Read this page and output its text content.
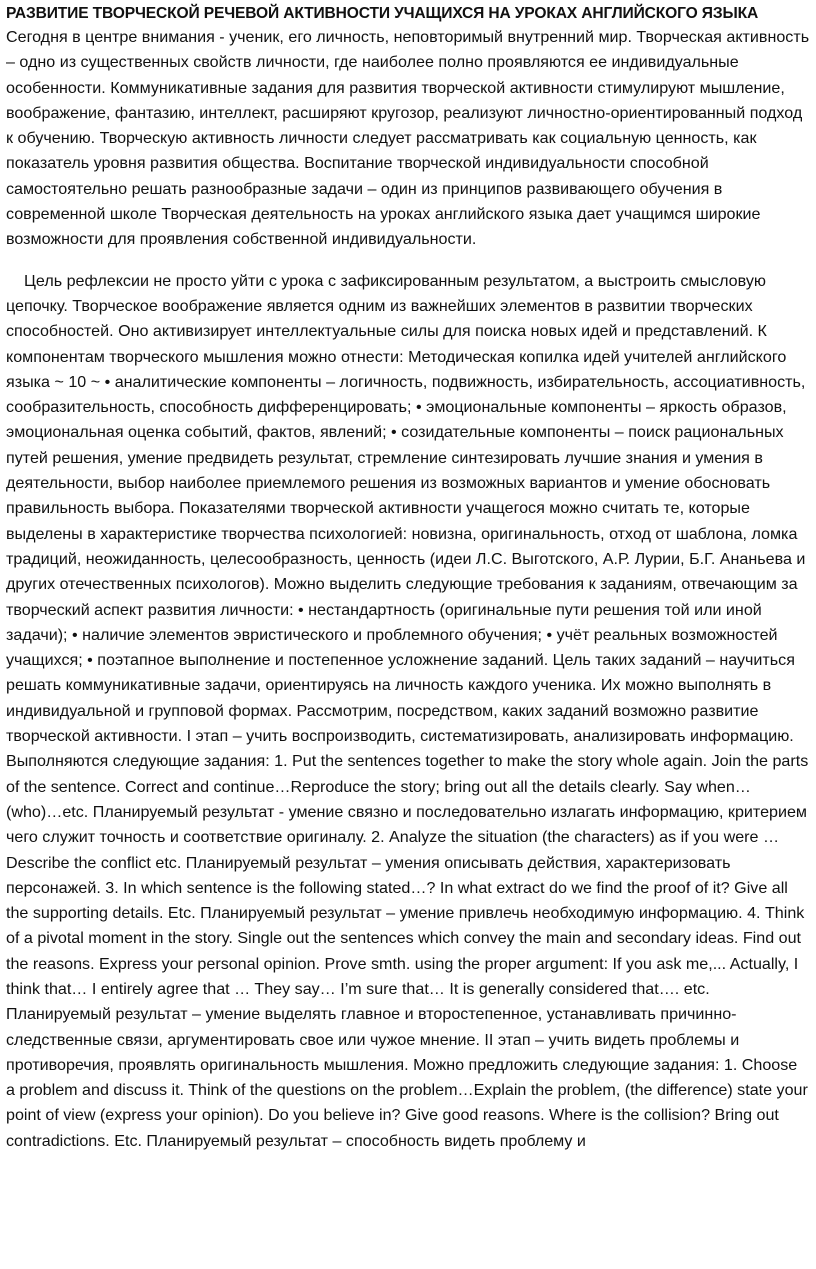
РАЗВИТИЕ ТВОРЧЕСКОЙ РЕЧЕВОЙ АКТИВНОСТИ УЧАЩИХСЯ НА УРОКАХ АНГЛИЙСКОГО ЯЗЫКА

Сегодня в центре внимания - ученик, его личность, неповторимый внутренний мир. Творческая активность – одно из существенных свойств личности, где наиболее полно проявляются ее индивидуальные особенности. Коммуникативные задания для развития творческой активности стимулируют мышление, воображение, фантазию, интеллект, расширяют кругозор, реализуют личностно-ориентированный подход к обучению. Творческую активность личности следует рассматривать как социальную ценность, как показатель уровня развития общества. Воспитание творческой индивидуальности способной самостоятельно решать разнообразные задачи – один из принципов развивающего обучения в современной школе Творческая деятельность на уроках английского языка дает учащимся широкие возможности для проявления собственной индивидуальности.

Цель рефлексии не просто уйти с урока с зафиксированным результатом, а выстроить смысловую цепочку. Творческое воображение является одним из важнейших элементов в развитии творческих способностей. Оно активизирует интеллектуальные силы для поиска новых идей и представлений. К компонентам творческого мышления можно отнести: Методическая копилка идей учителей английского языка ~ 10 ~ • аналитические компоненты – логичность, подвижность, избирательность, ассоциативность, сообразительность, способность дифференцировать; • эмоциональные компоненты – яркость образов, эмоциональная оценка событий, фактов, явлений; • созидательные компоненты – поиск рациональных путей решения, умение предвидеть результат, стремление синтезировать лучшие знания и умения в деятельности, выбор наиболее приемлемого решения из возможных вариантов и умение обосновать правильность выбора. Показателями творческой активности учащегося можно считать те, которые выделены в характеристике творчества психологией: новизна, оригинальность, отход от шаблона, ломка традиций, неожиданность, целесообразность, ценность (идеи Л.С. Выготского, А.Р. Лурии, Б.Г. Ананьева и других отечественных психологов). Можно выделить следующие требования к заданиям, отвечающим за творческий аспект развития личности: • нестандартность (оригинальные пути решения той или иной задачи); • наличие элементов эвристического и проблемного обучения; • учёт реальных возможностей учащихся; • поэтапное выполнение и постепенное усложнение заданий. Цель таких заданий – научиться решать коммуникативные задачи, ориентируясь на личность каждого ученика. Их можно выполнять в индивидуальной и групповой формах. Рассмотрим, посредством, каких заданий возможно развитие творческой активности. I этап – учить воспроизводить, систематизировать, анализировать информацию. Выполняются следующие задания: 1. Put the sentences together to make the story whole again. Join the parts of the sentence. Correct and continue…Reproduce the story; bring out all the details clearly. Say when… (who)…etc. Планируемый результат - умение связно и последовательно излагать информацию, критерием чего служит точность и соответствие оригиналу. 2. Analyze the situation (the characters) as if you were …Describe the conflict etc. Планируемый результат – умения описывать действия, характеризовать персонажей. 3. In which sentence is the following stated…? In what extract do we find the proof of it? Give all the supporting details. Etc. Планируемый результат – умение привлечь необходимую информацию. 4. Think of a pivotal moment in the story. Single out the sentences which convey the main and secondary ideas. Find out the reasons. Express your personal opinion. Prove smth. using the proper argument: If you ask me,... Actually, I think that… I entirely agree that … They say… I’m sure that… It is generally considered that…. etc. Планируемый результат – умение выделять главное и второстепенное, устанавливать причинно-следственные связи, аргументировать свое или чужое мнение. II этап – учить видеть проблемы и противоречия, проявлять оригинальность мышления. Можно предложить следующие задания: 1. Choose a problem and discuss it. Think of the questions on the problem…Explain the problem, (the difference) state your point of view (express your opinion). Do you believe in? Give good reasons. Where is the collision? Bring out contradictions. Etc. Планируемый результат – способность видеть проблему и
